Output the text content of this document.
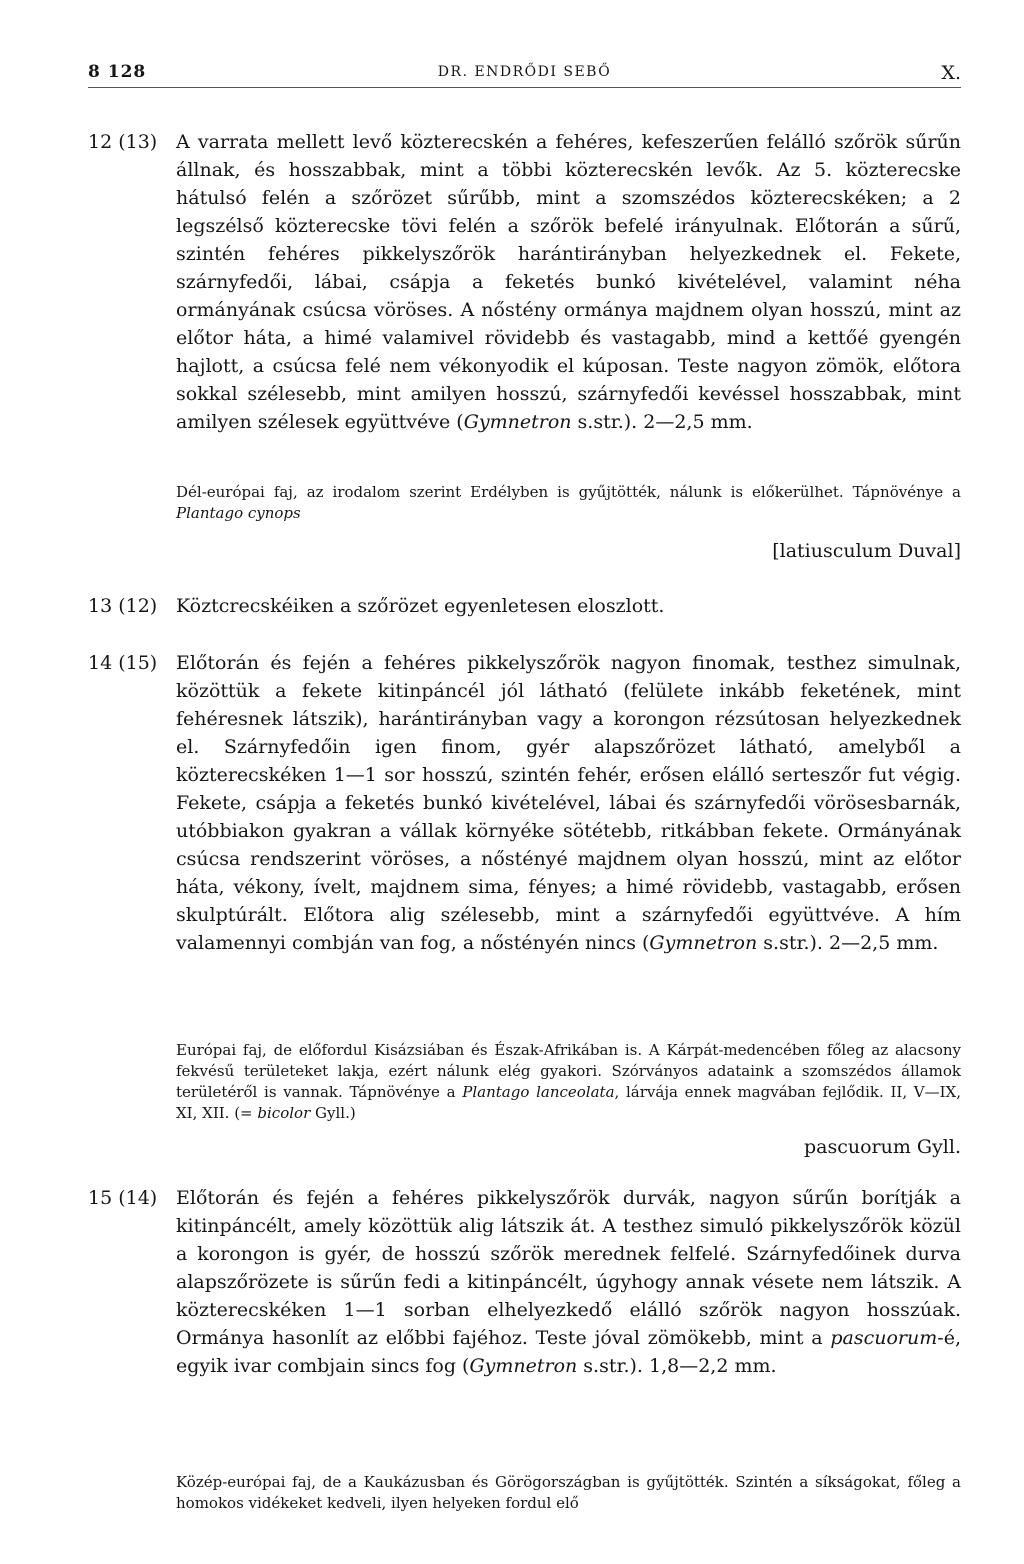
8 128	DR. ENDRŐDI SEBŐ	X.
12 (13) A varrata mellett levő közterecskén a fehéres, kefeszerűen felálló szőrök sűrűn állnak, és hosszabbak, mint a többi közterecskén levők. Az 5. közterecske hátulsó felén a szőrözet sűrűbb, mint a szomszédos közterecskéken; a 2 legszélső közterecske tövi felén a szőrök befelé irányulnak. Előtorán a sűrű, szintén fehéres pikkelyszőrök harántirányban helyezkednek el. Fekete, szárnyfedői, lábai, csápja a feketés bunkó kivételével, valamint néha ormányának csúcsa vöröses. A nőstény ormánya majdnem olyan hosszú, mint az előtor háta, a himé valamivel rövidebb és vastagabb, mind a kettőé gyengén hajlott, a csúcsa felé nem vékonyodik el kúposan. Teste nagyon zömök, előtora sokkal szélesebb, mint amilyen hosszú, szárnyfedői kevéssel hosszabbak, mint amilyen szélesek együttvéve (Gymnetron s.str.). 2—2,5 mm.
Dél-európai faj, az irodalom szerint Erdélyben is gyűjtötték, nálunk is előkerülhet. Tápnövénye a Plantago cynops
[latiusculum Duval]
13 (12) Köztcrecskéiken a szőrözet egyenletesen eloszlott.
14 (15) Előtorán és fején a fehéres pikkelyszőrök nagyon finomak, testhez simulnak, közöttük a fekete kitinpáncél jól látható (felülete inkább feketének, mint fehéresnek látszik), harántirányban vagy a korongon rézsútosan helyezkednek el. Szárnyfedőin igen finom, gyér alapszőrözet látható, amelyből a közterecskéken 1—1 sor hosszú, szintén fehér, erősen elálló serteszőr fut végig. Fekete, csápja a feketés bunkó kivételével, lábai és szárnyfedői vörösesbarnák, utóbbiakon gyakran a vállak környéke sötétebb, ritkábban fekete. Ormányának csúcsa rendszerint vöröses, a nőstényé majdnem olyan hosszú, mint az előtor háta, vékony, ívelt, majdnem sima, fényes; a himé rövidebb, vastagabb, erősen skulptúrált. Előtora alig szélesebb, mint a szárnyfedői együttvéve. A hím valamennyi combján van fog, a nőstényén nincs (Gymnetron s.str.). 2—2,5 mm.
Európai faj, de előfordul Kisázsiában és Észak-Afrikában is. A Kárpát-medencében főleg az alacsony fekvésű területeket lakja, ezért nálunk elég gyakori. Szórványos adataink a szomszédos államok területéről is vannak. Tápnövénye a Plantago lanceolata, lárvája ennek magvában fejlődik. II, V—IX, XI, XII. (= bicolor Gyll.)
pascuorum Gyll.
15 (14) Előtorán és fején a fehéres pikkelyszőrök durvák, nagyon sűrűn borítják a kitinpáncélt, amely közöttük alig látszik át. A testhez simuló pikkelyszőrök közül a korongon is gyér, de hosszú szőrök merednek felfelé. Szárnyfedőinek durva alapszőrözete is sűrűn fedi a kitinpáncélt, úgyhogy annak vésete nem látszik. A közterecskéken 1—1 sorban elhelyezkedő elálló szőrök nagyon hosszúak. Ormánya hasonlít az előbbi fajéhoz. Teste jóval zömökebb, mint a pascuorum-é, egyik ivar combjain sincs fog (Gymnetron s.str.). 1,8—2,2 mm.
Közép-európai faj, de a Kaukázusban és Görögországban is gyűjtötték. Szintén a síkságokat, főleg a homokos vidékeket kedveli, ilyen helyeken fordul elő
